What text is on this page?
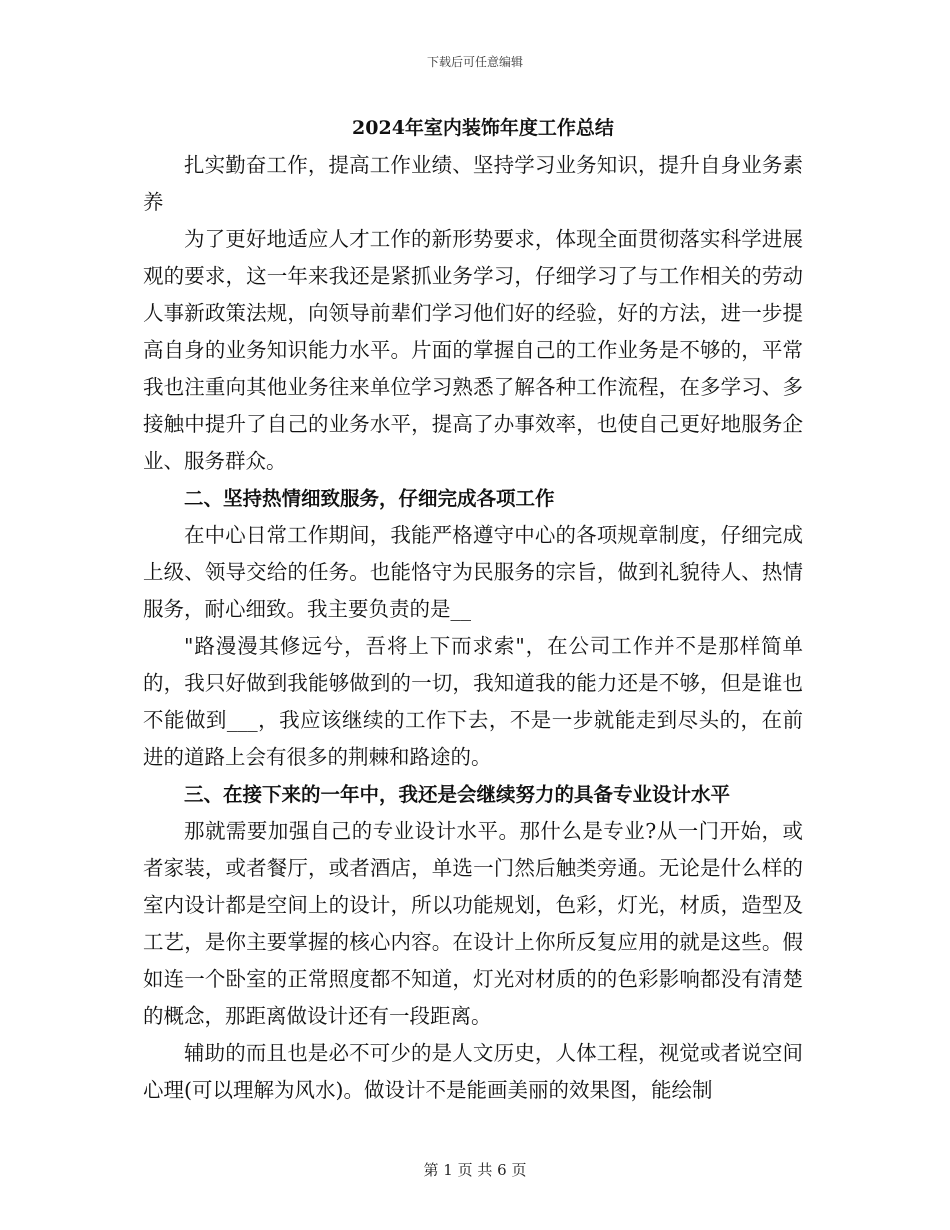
下载后可任意编辑
2024年室内装饰年度工作总结

扎实勤奋工作，提高工作业绩、坚持学习业务知识，提升自身业务素养

为了更好地适应人才工作的新形势要求，体现全面贯彻落实科学进展观的要求，这一年来我还是紧抓业务学习，仔细学习了与工作相关的劳动人事新政策法规，向领导前辈们学习他们好的经验，好的方法，进一步提高自身的业务知识能力水平。片面的掌握自己的工作业务是不够的，平常我也注重向其他业务往来单位学习熟悉了解各种工作流程，在多学习、多接触中提升了自己的业务水平，提高了办事效率，也使自己更好地服务企业、服务群众。

二、坚持热情细致服务，仔细完成各项工作

在中心日常工作期间，我能严格遵守中心的各项规章制度，仔细完成上级、领导交给的任务。也能恪守为民服务的宗旨，做到礼貌待人、热情服务，耐心细致。我主要负责的是__

"路漫漫其修远兮，吾将上下而求索"，在公司工作并不是那样简单的，我只好做到我能够做到的一切，我知道我的能力还是不够，但是谁也不能做到___，我应该继续的工作下去，不是一步就能走到尽头的，在前进的道路上会有很多的荆棘和路途的。

三、在接下来的一年中，我还是会继续努力的具备专业设计水平

那就需要加强自己的专业设计水平。那什么是专业?从一门开始，或者家装，或者餐厅，或者酒店，单选一门然后触类旁通。无论是什么样的室内设计都是空间上的设计，所以功能规划，色彩，灯光，材质，造型及工艺，是你主要掌握的核心内容。在设计上你所反复应用的就是这些。假如连一个卧室的正常照度都不知道，灯光对材质的的色彩影响都没有清楚的概念，那距离做设计还有一段距离。

辅助的而且也是必不可少的是人文历史，人体工程，视觉或者说空间心理(可以理解为风水)。做设计不是能画美丽的效果图，能绘制

第 1 页 共 6 页
